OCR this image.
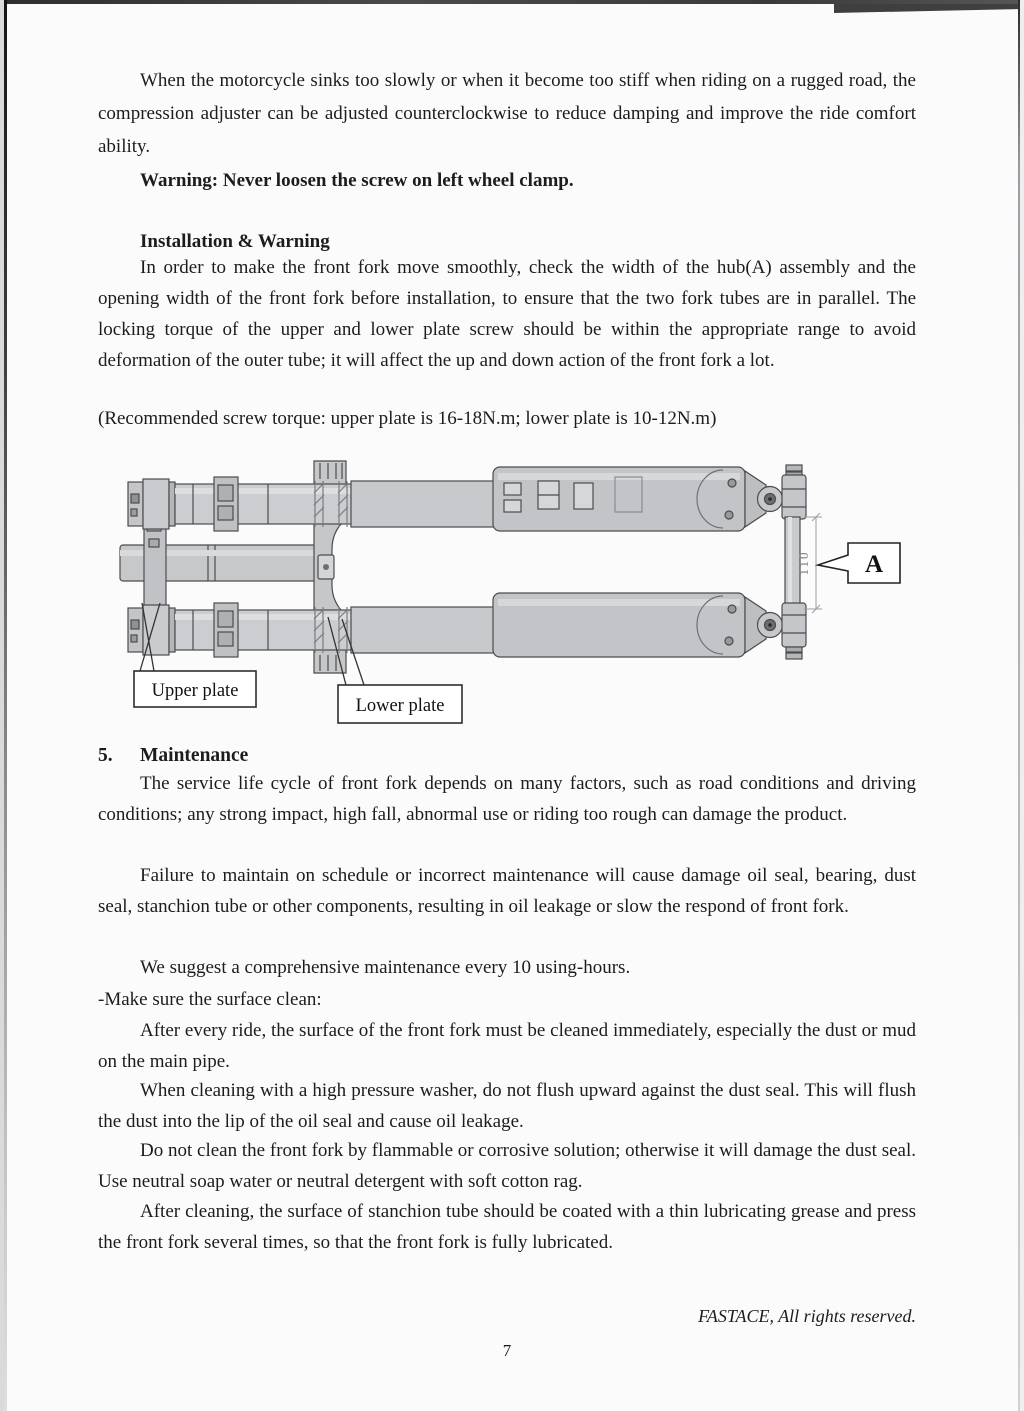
When the motorcycle sinks too slowly or when it become too stiff when riding on a rugged road, the compression adjuster can be adjusted counterclockwise to reduce damping and improve the ride comfort ability.

Warning: Never loosen the screw on left wheel clamp.

Installation & Warning

In order to make the front fork move smoothly, check the width of the hub(A) assembly and the opening width of the front fork before installation, to ensure that the two fork tubes are in parallel. The locking torque of the upper and lower plate screw should be within the appropriate range to avoid deformation of the outer tube; it will affect the up and down action of the front fork a lot.

(Recommended screw torque: upper plate is 16-18N.m; lower plate is 10-12N.m)

110 A
Upper plate
Lower plate
5. Maintenance

The service life cycle of front fork depends on many factors, such as road conditions and driving conditions; any strong impact, high fall, abnormal use or riding too rough can damage the product.

Failure to maintain on schedule or incorrect maintenance will cause damage oil seal, bearing, dust seal, stanchion tube or other components, resulting in oil leakage or slow the respond of front fork.

We suggest a comprehensive maintenance every 10 using-hours.

-Make sure the surface clean:

After every ride, the surface of the front fork must be cleaned immediately, especially the dust or mud on the main pipe.

When cleaning with a high pressure washer, do not flush upward against the dust seal. This will flush the dust into the lip of the oil seal and cause oil leakage.

Do not clean the front fork by flammable or corrosive solution; otherwise it will damage the dust seal. Use neutral soap water or neutral detergent with soft cotton rag.

After cleaning, the surface of stanchion tube should be coated with a thin lubricating grease and press the front fork several times, so that the front fork is fully lubricated.

FASTACE, All rights reserved.

7
